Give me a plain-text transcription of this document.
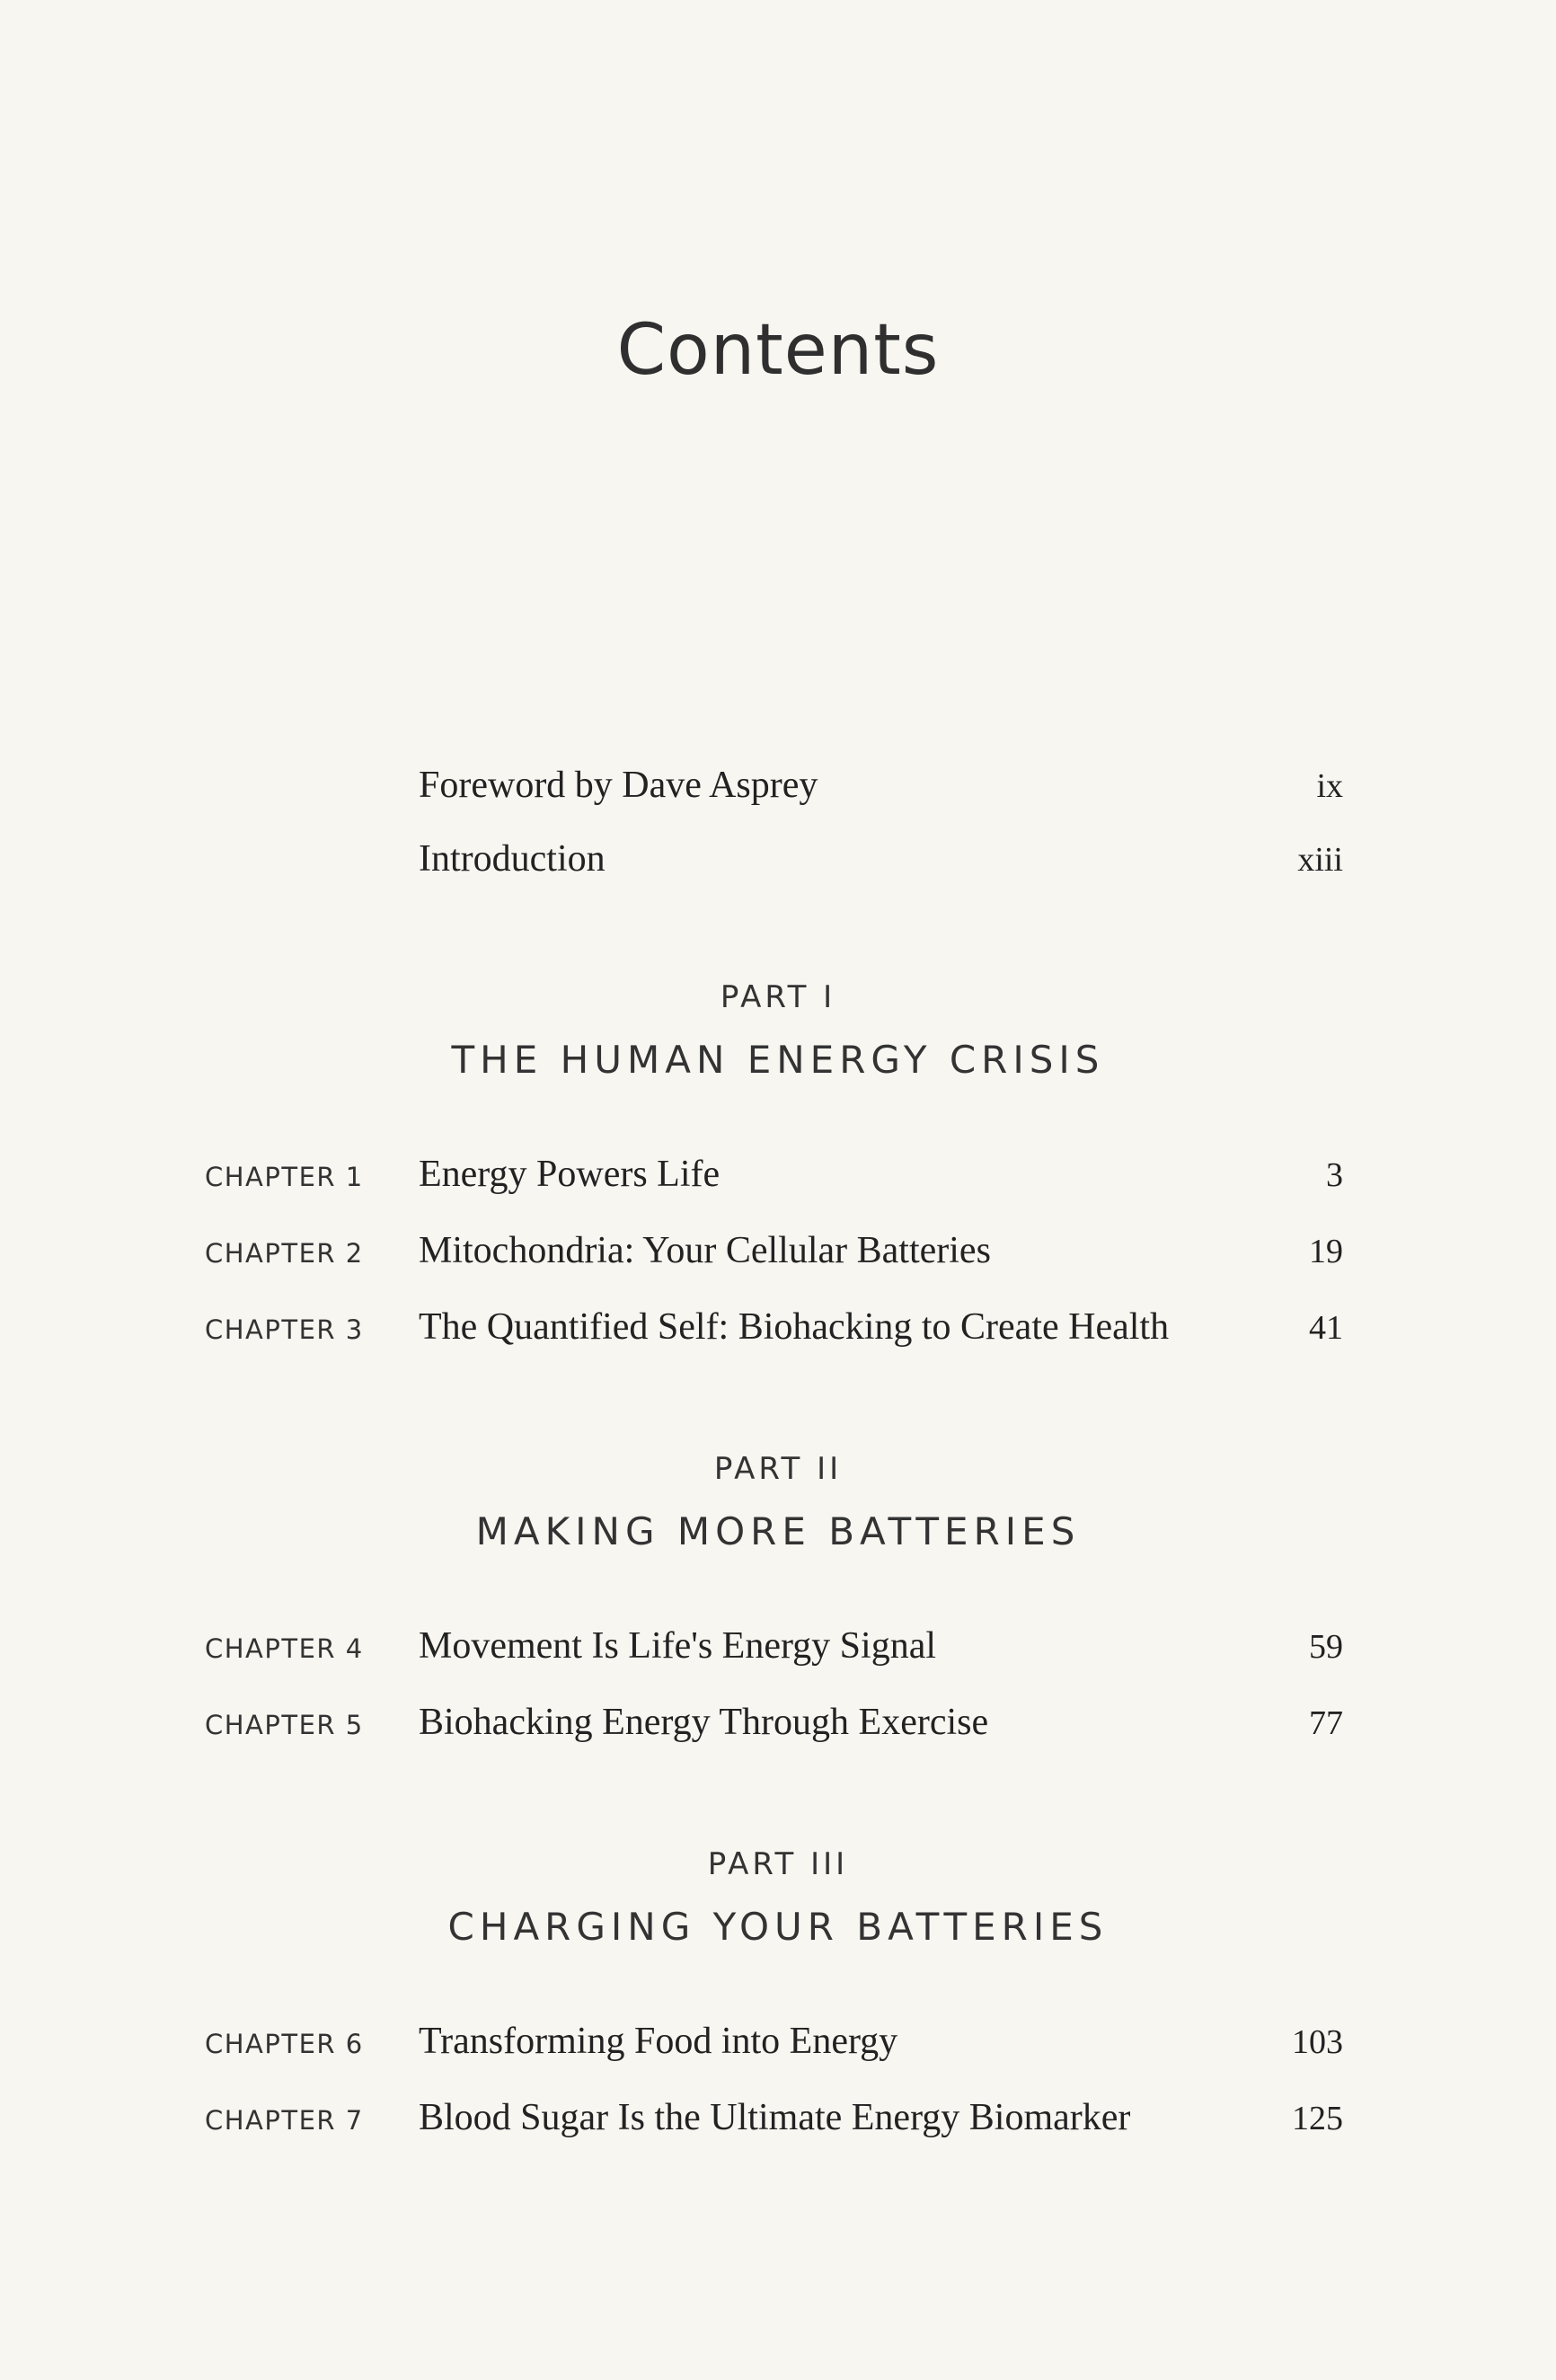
Contents
Foreword by Dave Asprey	ix
Introduction	xiii
PART I
THE HUMAN ENERGY CRISIS
CHAPTER 1	Energy Powers Life	3
CHAPTER 2	Mitochondria: Your Cellular Batteries	19
CHAPTER 3	The Quantified Self: Biohacking to Create Health	41
PART II
MAKING MORE BATTERIES
CHAPTER 4	Movement Is Life's Energy Signal	59
CHAPTER 5	Biohacking Energy Through Exercise	77
PART III
CHARGING YOUR BATTERIES
CHAPTER 6	Transforming Food into Energy	103
CHAPTER 7	Blood Sugar Is the Ultimate Energy Biomarker	125
